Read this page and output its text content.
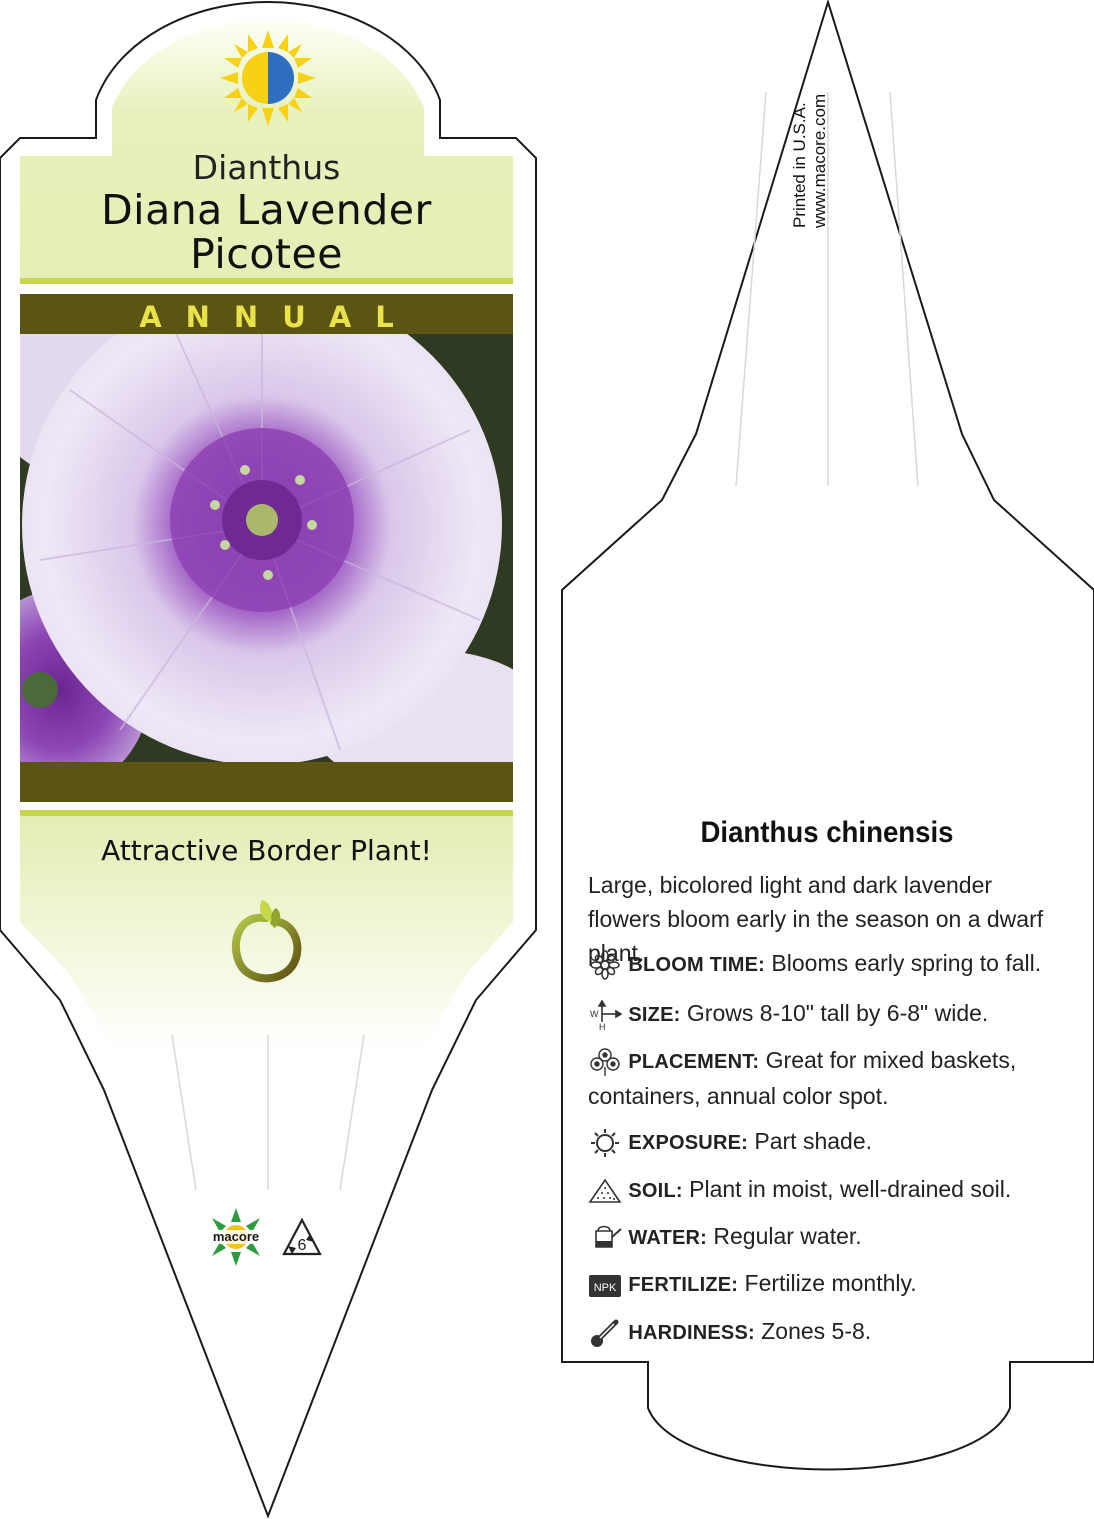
Dianthus
Diana Lavender
Picotee
ANNUAL
Attractive Border Plant!
macore
6
Printed in U.S.A. www.macore.com
Dianthus chinensis
Large, bicolored light and dark lavender flowers bloom early in the season on a dwarf plant.
BLOOM TIME: Blooms early spring to fall.
W
H
SIZE: Grows 8-10" tall by 6-8" wide.
PLACEMENT: Great for mixed baskets, containers, annual color spot.
EXPOSURE: Part shade.
SOIL: Plant in moist, well-drained soil.
WATER: Regular water.
NPK FERTILIZE: Fertilize monthly.
HARDINESS: Zones 5-8.
